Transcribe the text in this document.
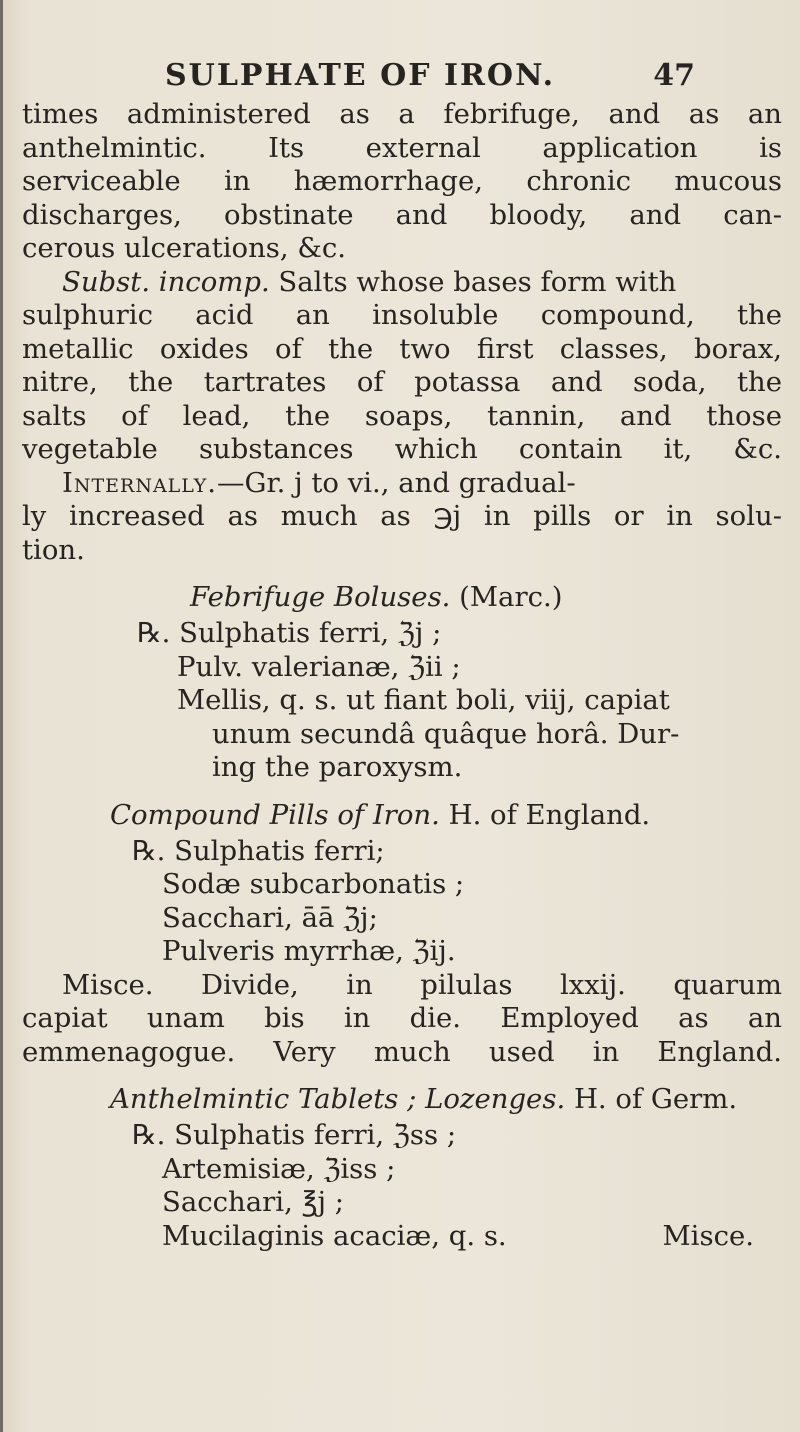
SULPHATE OF IRON.	47
times administered as a febrifuge, and as an
anthelmintic. Its external application is
serviceable in hæmorrhage, chronic mucous
discharges, obstinate and bloody, and can-
cerous ulcerations, &c.
Subst. incomp. Salts whose bases form with
sulphuric acid an insoluble compound, the
metallic oxides of the two first classes, borax,
nitre, the tartrates of potassa and soda, the
salts of lead, the soaps, tannin, and those
vegetable substances which contain it, &c.
Internally.—Gr. j to vi., and gradual-
ly increased as much as ℈j in pills or in solu-
tion.
Febrifuge Boluses. (Marc.)
℞. Sulphatis ferri, ℨj ;
Pulv. valerianæ, ℨii ;
Mellis, q. s. ut fiant boli, viij, capiat
unum secundâ quâque horâ. Dur-
ing the paroxysm.
Compound Pills of Iron. H. of England.
℞. Sulphatis ferri;
Sodæ subcarbonatis ;
Sacchari, āā ℨj;
Pulveris myrrhæ, ℨij.
Misce. Divide, in pilulas lxxij. quarum
capiat unam bis in die. Employed as an
emmenagogue. Very much used in England.
Anthelmintic Tablets ; Lozenges. H. of Germ.
℞. Sulphatis ferri, ℨss ;
Artemisiæ, ℨiss ;
Sacchari, ℥j ;
Mucilaginis acaciæ, q. s.	Misce.
